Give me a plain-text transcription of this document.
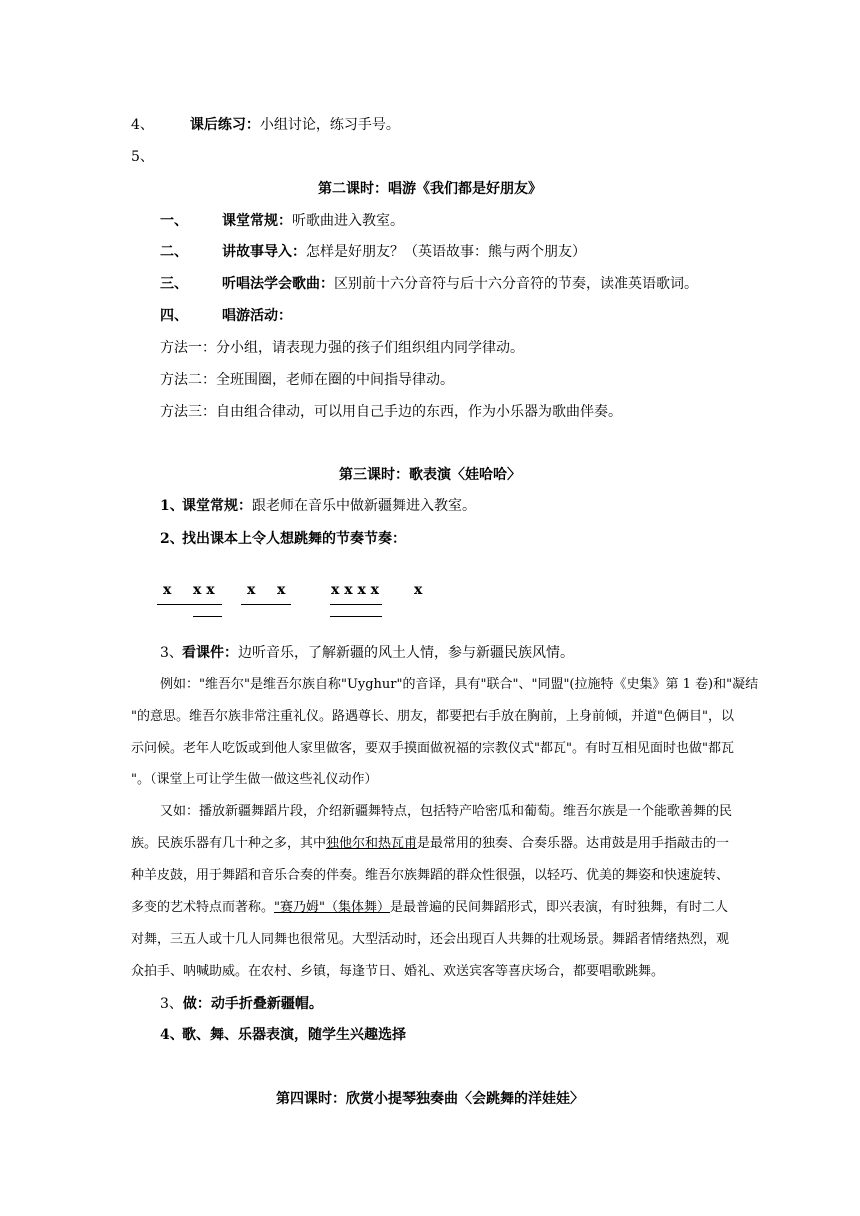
4、	课后练习：小组讨论，练习手号。
5、
第二课时：唱游《我们都是好朋友》
一、 课堂常规：听歌曲进入教室。
二、 讲故事导入：怎样是好朋友？（英语故事：熊与两个朋友）
三、 听唱法学会歌曲：区别前十六分音符与后十六分音符的节奏，读准英语歌词。
四、 唱游活动：
方法一：分小组，请表现力强的孩子们组织组内同学律动。
方法二：全班围圈，老师在圈的中间指导律动。
方法三：自由组合律动，可以用自己手边的东西，作为小乐器为歌曲伴奏。
第三课时：歌表演〈娃哈哈〉
1、课堂常规：跟老师在音乐中做新疆舞进入教室。
2、找出课本上令人想跳舞的节奏节奏：
x x x x x	x x x x x
3、看课件：边听音乐，了解新疆的风土人情，参与新疆民族风情。
例如："维吾尔"是维吾尔族自称"Uyghur"的音译，具有"联合"、"同盟"(拉施特《史集》第 1 卷)和"凝结
"的意思。维吾尔族非常注重礼仪。路遇尊长、朋友，都要把右手放在胸前，上身前倾，并道"色俩目"，以
示问候。老年人吃饭或到他人家里做客，要双手摸面做祝福的宗教仪式"都瓦"。有时互相见面时也做"都瓦
"。（课堂上可让学生做一做这些礼仪动作）
又如：播放新疆舞蹈片段，介绍新疆舞特点，包括特产哈密瓜和葡萄。维吾尔族是一个能歌善舞的民
族。民族乐器有几十种之多，其中独他尔和热瓦甫是最常用的独奏、合奏乐器。达甫鼓是用手指敲击的一
种羊皮鼓，用于舞蹈和音乐合奏的伴奏。维吾尔族舞蹈的群众性很强，以轻巧、优美的舞姿和快速旋转、
多变的艺术特点而著称。"赛乃姆"（集体舞）是最普遍的民间舞蹈形式，即兴表演，有时独舞，有时二人
对舞，三五人或十几人同舞也很常见。大型活动时，还会出现百人共舞的壮观场景。舞蹈者情绪热烈，观
众拍手、呐喊助威。在农村、乡镇，每逢节日、婚礼、欢送宾客等喜庆场合，都要唱歌跳舞。
3、做：动手折叠新疆帽。
4、歌、舞、乐器表演，随学生兴趣选择
第四课时：欣赏小提琴独奏曲〈会跳舞的洋娃娃〉
